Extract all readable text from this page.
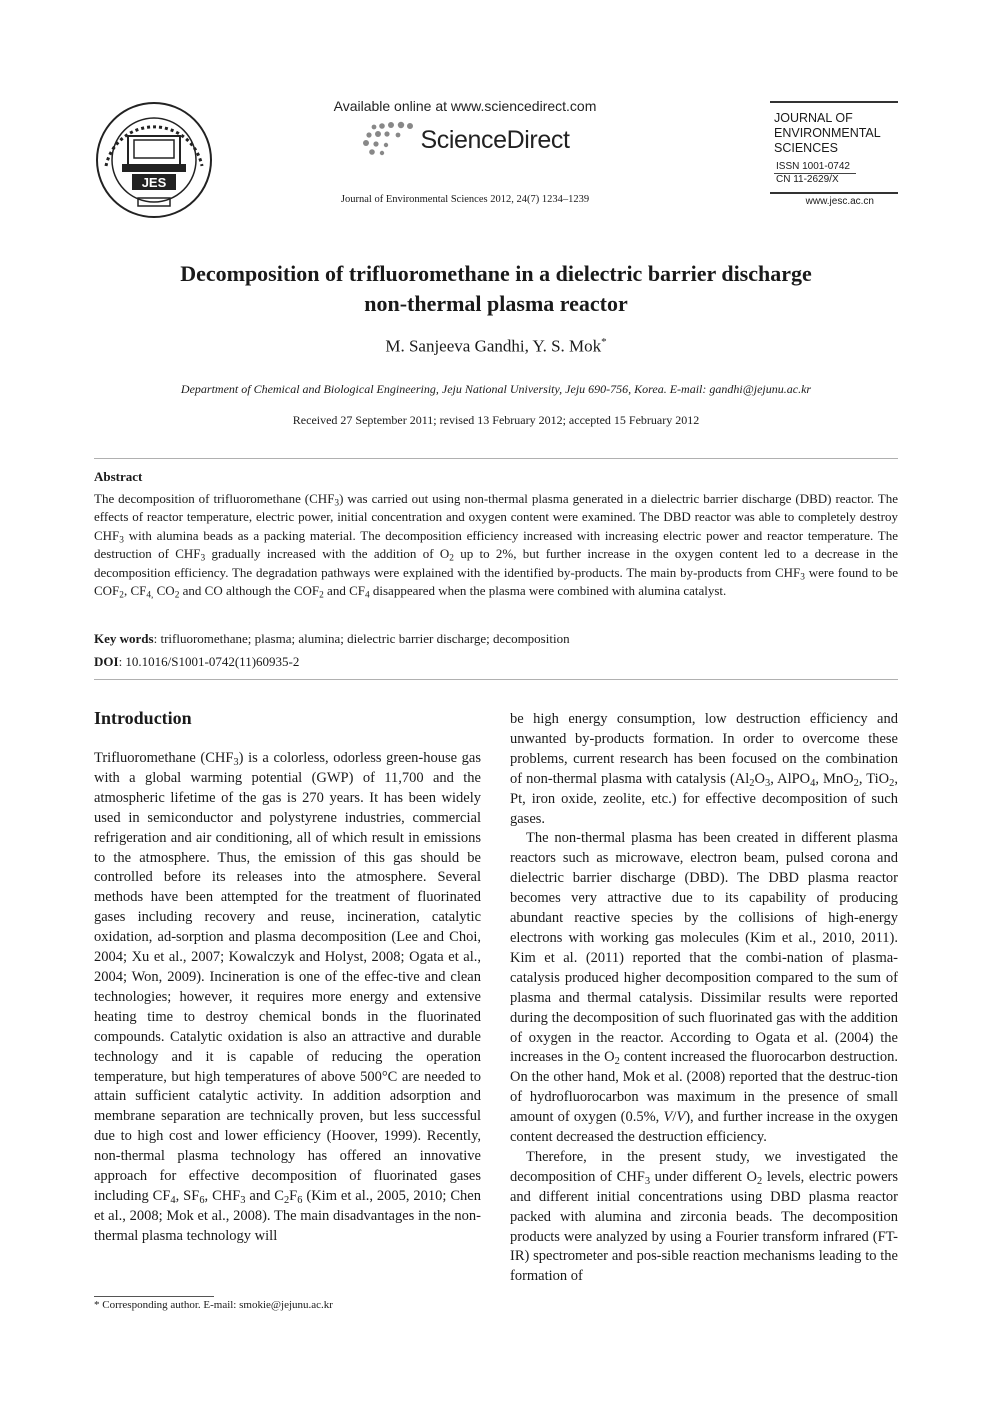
JES
Available online at www.sciencedirect.com
ScienceDirect
Journal of Environmental Sciences 2012, 24(7) 1234–1239
JOURNAL OF
ENVIRONMENTAL
SCIENCES
ISSN 1001-0742
CN 11-2629/X
www.jesc.ac.cn
Decomposition of trifluoromethane in a dielectric barrier discharge
non-thermal plasma reactor
M. Sanjeeva Gandhi, Y. S. Mok*
Department of Chemical and Biological Engineering, Jeju National University, Jeju 690-756, Korea. E-mail: gandhi@jejunu.ac.kr
Received 27 September 2011; revised 13 February 2012; accepted 15 February 2012
Abstract
The decomposition of trifluoromethane $(CHF_3)$ was carried out using non-thermal plasma generated in a dielectric barrier discharge (DBD) reactor. The effects of reactor temperature, electric power, initial concentration and oxygen content were examined. The DBD reactor was able to completely destroy $CHF_3$ with alumina beads as a packing material. The decomposition efficiency increased with increasing electric power and reactor temperature. The destruction of $CHF_3$ gradually increased with the addition of $O_2$ up to 2%, but further increase in the oxygen content led to a decrease in the decomposition efficiency. The degradation pathways were explained with the identified by-products. The main by-products from $CHF_3$ were found to be $COF_2$, $CF_{4,}$ $CO_2$ and CO although the $COF_2$ and $CF_4$ disappeared when the plasma were combined with alumina catalyst.
Key words: trifluoromethane; plasma; alumina; dielectric barrier discharge; decomposition
DOI: 10.1016/S1001-0742(11)60935-2
Introduction

Trifluoromethane $(CHF_3)$ is a colorless, odorless green-house gas with a global warming potential (GWP) of 11,700 and the atmospheric lifetime of the gas is 270 years. It has been widely used in semiconductor and polystyrene industries, commercial refrigeration and air conditioning, all of which result in emissions to the atmosphere. Thus, the emission of this gas should be controlled before its releases into the atmosphere. Several methods have been attempted for the treatment of fluorinated gases including recovery and reuse, incineration, catalytic oxidation, ad-sorption and plasma decomposition (Lee and Choi, 2004; Xu et al., 2007; Kowalczyk and Holyst, 2008; Ogata et al., 2004; Won, 2009). Incineration is one of the effec-tive and clean technologies; however, it requires more energy and extensive heating time to destroy chemical bonds in the fluorinated compounds. Catalytic oxidation is also an attractive and durable technology and it is capable of reducing the operation temperature, but high temperatures of above 500°C are needed to attain sufficient catalytic activity. In addition adsorption and membrane separation are technically proven, but less successful due to high cost and lower efficiency (Hoover, 1999). Recently, non-thermal plasma technology has offered an innovative approach for effective decomposition of fluorinated gases including $CF_4$, $SF_6$, $CHF_3$ and $C_2F_6$ (Kim et al., 2005, 2010; Chen et al., 2008; Mok et al., 2008). The main disadvantages in the non-thermal plasma technology will

be high energy consumption, low destruction efficiency and unwanted by-products formation. In order to overcome these problems, current research has been focused on the combination of non-thermal plasma with catalysis ($Al_2O_3$, AlPO$_4$, MnO$_2$, TiO$_2$, Pt, iron oxide, zeolite, etc.) for effective decomposition of such gases.

The non-thermal plasma has been created in different plasma reactors such as microwave, electron beam, pulsed corona and dielectric barrier discharge (DBD). The DBD plasma reactor becomes very attractive due to its capability of producing abundant reactive species by the collisions of high-energy electrons with working gas molecules (Kim et al., 2010, 2011). Kim et al. (2011) reported that the combi-nation of plasma-catalysis produced higher decomposition compared to the sum of plasma and thermal catalysis. Dissimilar results were reported during the decomposition of such fluorinated gas with the addition of oxygen in the reactor. According to Ogata et al. (2004) the increases in the $O_2$ content increased the fluorocarbon destruction. On the other hand, Mok et al. (2008) reported that the destruc-tion of hydrofluorocarbon was maximum in the presence of small amount of oxygen (0.5%, V/V), and further increase in the oxygen content decreased the destruction efficiency.

Therefore, in the present study, we investigated the decomposition of $CHF_3$ under different $O_2$ levels, electric powers and different initial concentrations using DBD plasma reactor packed with alumina and zirconia beads. The decomposition products were analyzed by using a Fourier transform infrared (FT-IR) spectrometer and pos-sible reaction mechanisms leading to the formation of

* Corresponding author. E-mail: smokie@jejunu.ac.kr
